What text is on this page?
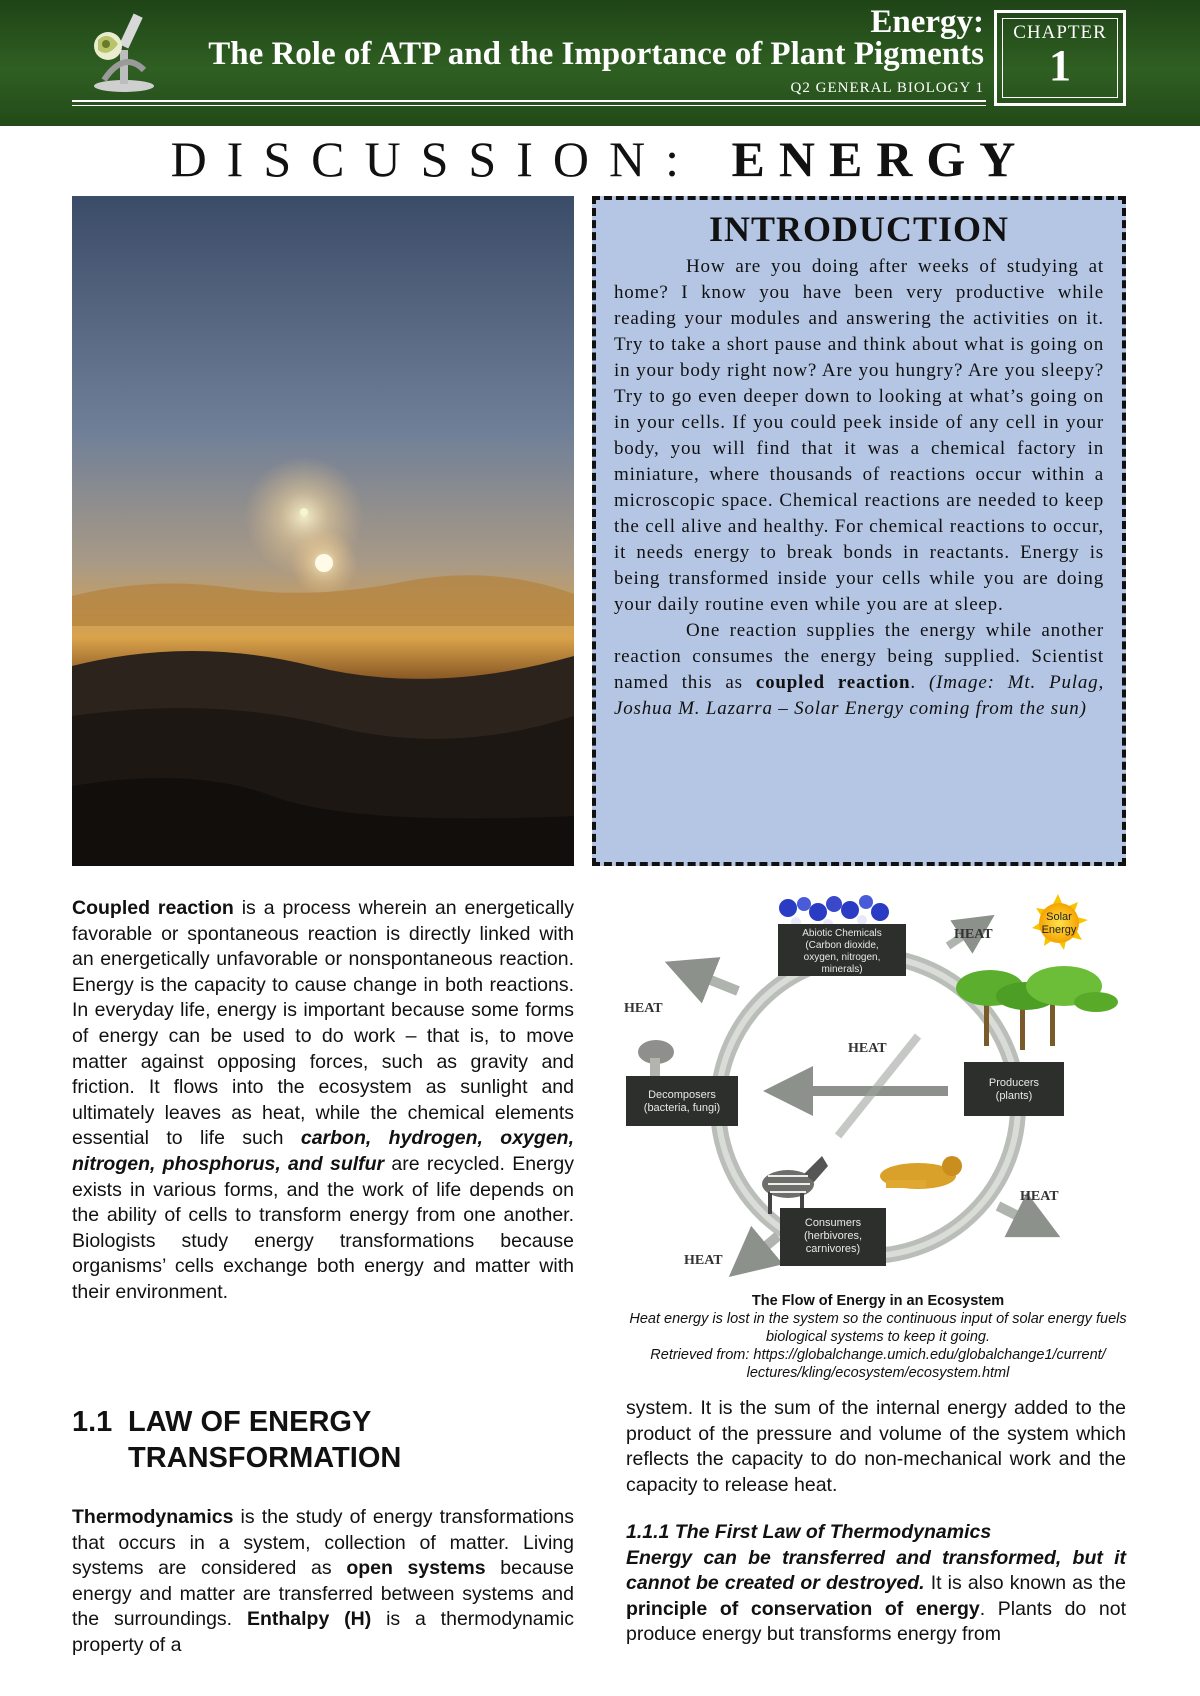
Energy:
The Role of ATP and the Importance of Plant Pigments
Q2 GENERAL BIOLOGY 1
CHAPTER
1
DISCUSSION: ENERGY
INTRODUCTION

How are you doing after weeks of studying at home? I know you have been very productive while reading your modules and answering the activities on it. Try to take a short pause and think about what is going on in your body right now? Are you hungry? Are you sleepy? Try to go even deeper down to looking at what’s going on in your cells. If you could peek inside of any cell in your body, you will find that it was a chemical factory in miniature, where thousands of reactions occur within a microscopic space. Chemical reactions are needed to keep the cell alive and healthy. For chemical reactions to occur, it needs energy to break bonds in reactants. Energy is being transformed inside your cells while you are doing your daily routine even while you are at sleep.

One reaction supplies the energy while another reaction consumes the energy being supplied. Scientist named this as coupled reaction. (Image: Mt. Pulag, Joshua M. Lazarra – Solar Energy coming from the sun)

Coupled reaction is a process wherein an energetically favorable or spontaneous reaction is directly linked with an energetically unfavorable or nonspontaneous reaction. Energy is the capacity to cause change in both reactions. In everyday life, energy is important because some forms of energy can be used to do work – that is, to move matter against opposing forces, such as gravity and friction. It flows into the ecosystem as sunlight and ultimately leaves as heat, while the chemical elements essential to life such carbon, hydrogen, oxygen, nitrogen, phosphorus, and sulfur are recycled. Energy exists in various forms, and the work of life depends on the ability of cells to transform energy from one another. Biologists study energy transformations because organisms’ cells exchange both energy and matter with their environment.

Abiotic Chemicals
(Carbon dioxide,
oxygen, nitrogen,
minerals)
Solar
Energy
Producers
(plants)
Decomposers
(bacteria, fungi)
Consumers
(herbivores,
carnivores)
HEAT
HEAT
HEAT
HEAT
HEAT
The Flow of Energy in an Ecosystem
Heat energy is lost in the system so the continuous input of solar energy fuels biological systems to keep it going.
Retrieved from: https://globalchange.umich.edu/globalchange1/current/ lectures/kling/ecosystem/ecosystem.html
1.1 LAW OF ENERGY
TRANSFORMATION

Thermodynamics is the study of energy transformations that occurs in a system, collection of matter. Living systems are considered as open systems because energy and matter are transferred between systems and the surroundings. Enthalpy (H) is a thermodynamic property of a

system. It is the sum of the internal energy added to the product of the pressure and volume of the system which reflects the capacity to do non-mechanical work and the capacity to release heat.

1.1.1 The First Law of Thermodynamics

Energy can be transferred and transformed, but it cannot be created or destroyed. It is also known as the principle of conservation of energy. Plants do not produce energy but transforms energy from
